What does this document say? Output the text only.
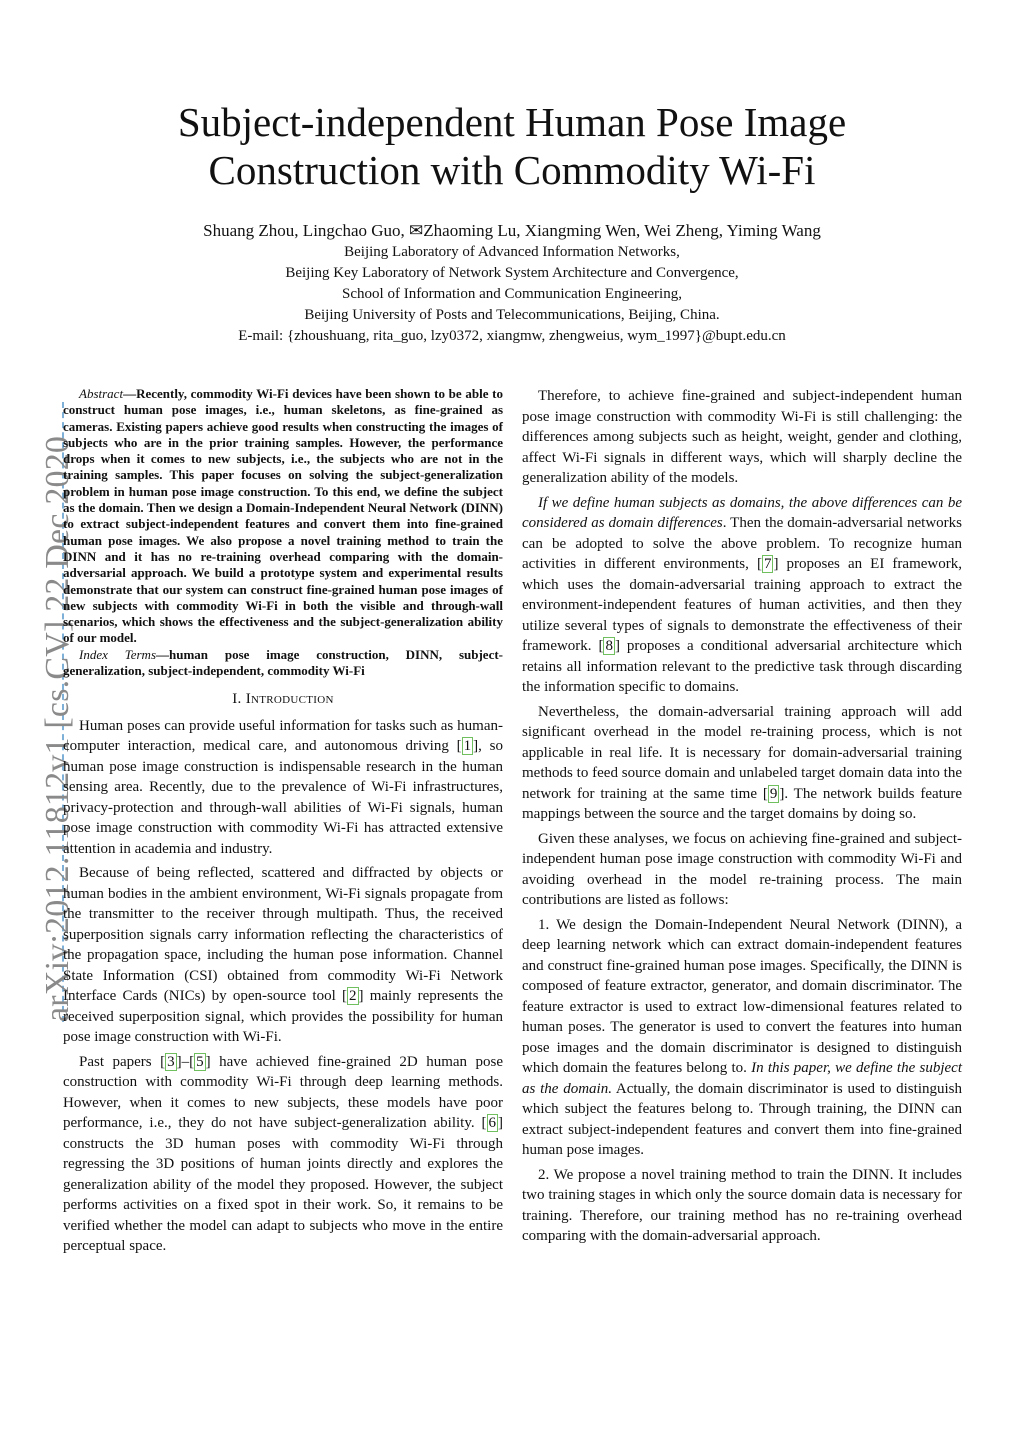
Subject-independent Human Pose Image
Construction with Commodity Wi-Fi
Shuang Zhou, Lingchao Guo, ✉Zhaoming Lu, Xiangming Wen, Wei Zheng, Yiming Wang
Beijing Laboratory of Advanced Information Networks,
Beijing Key Laboratory of Network System Architecture and Convergence,
School of Information and Communication Engineering,
Beijing University of Posts and Telecommunications, Beijing, China.
E-mail: {zhoushuang, rita_guo, lzy0372, xiangmw, zhengweius, wym_1997}@bupt.edu.cn
arXiv:2012.11812v1 [cs.CV] 22 Dec 2020

Abstract—Recently, commodity Wi-Fi devices have been shown to be able to construct human pose images, i.e., human skeletons, as fine-grained as cameras. Existing papers achieve good results when constructing the images of subjects who are in the prior training samples. However, the performance drops when it comes to new subjects, i.e., the subjects who are not in the training samples. This paper focuses on solving the subject-generalization problem in human pose image construction. To this end, we define the subject as the domain. Then we design a Domain-Independent Neural Network (DINN) to extract subject-independent features and convert them into fine-grained human pose images. We also propose a novel training method to train the DINN and it has no re-training overhead comparing with the domain-adversarial approach. We build a prototype system and experimental results demonstrate that our system can construct fine-grained human pose images of new subjects with commodity Wi-Fi in both the visible and through-wall scenarios, which shows the effectiveness and the subject-generalization ability of our model.

Index Terms—human pose image construction, DINN, subject-generalization, subject-independent, commodity Wi-Fi

I. Introduction

Human poses can provide useful information for tasks such as human-computer interaction, medical care, and autonomous driving [ 1 ], so human pose image construction is indispensable research in the human sensing area. Recently, due to the prevalence of Wi-Fi infrastructures, privacy-protection and through-wall abilities of Wi-Fi signals, human pose image construction with commodity Wi-Fi has attracted extensive attention in academia and industry.

Because of being reflected, scattered and diffracted by objects or human bodies in the ambient environment, Wi-Fi signals propagate from the transmitter to the receiver through multipath. Thus, the received superposition signals carry information reflecting the characteristics of the propagation space, including the human pose information. Channel State Information (CSI) obtained from commodity Wi-Fi Network Interface Cards (NICs) by open-source tool [ 2 ] mainly represents the received superposition signal, which provides the possibility for human pose image construction with Wi-Fi.

Past papers [ 3 ]–[ 5 ] have achieved fine-grained 2D human pose construction with commodity Wi-Fi through deep learning methods. However, when it comes to new subjects, these models have poor performance, i.e., they do not have subject-generalization ability. [ 6 ] constructs the 3D human poses with commodity Wi-Fi through regressing the 3D positions of human joints directly and explores the generalization ability of the model they proposed. However, the subject performs activities on a fixed spot in their work. So, it remains to be verified whether the model can adapt to subjects who move in the entire perceptual space.

Therefore, to achieve fine-grained and subject-independent human pose image construction with commodity Wi-Fi is still challenging: the differences among subjects such as height, weight, gender and clothing, affect Wi-Fi signals in different ways, which will sharply decline the generalization ability of the models.

If we define human subjects as domains, the above differences can be considered as domain differences. Then the domain-adversarial networks can be adopted to solve the above problem. To recognize human activities in different environments, [ 7 ] proposes an EI framework, which uses the domain-adversarial training approach to extract the environment-independent features of human activities, and then they utilize several types of signals to demonstrate the effectiveness of their framework. [ 8 ] proposes a conditional adversarial architecture which retains all information relevant to the predictive task through discarding the information specific to domains.

Nevertheless, the domain-adversarial training approach will add significant overhead in the model re-training process, which is not applicable in real life. It is necessary for domain-adversarial training methods to feed source domain and unlabeled target domain data into the network for training at the same time [ 9 ]. The network builds feature mappings between the source and the target domains by doing so.

Given these analyses, we focus on achieving fine-grained and subject-independent human pose image construction with commodity Wi-Fi and avoiding overhead in the model re-training process. The main contributions are listed as follows:

1. We design the Domain-Independent Neural Network (DINN), a deep learning network which can extract domain-independent features and construct fine-grained human pose images. Specifically, the DINN is composed of feature extractor, generator, and domain discriminator. The feature extractor is used to extract low-dimensional features related to human poses. The generator is used to convert the features into human pose images and the domain discriminator is designed to distinguish which domain the features belong to. In this paper, we define the subject as the domain. Actually, the domain discriminator is used to distinguish which subject the features belong to. Through training, the DINN can extract subject-independent features and convert them into fine-grained human pose images.

2. We propose a novel training method to train the DINN. It includes two training stages in which only the source domain data is necessary for training. Therefore, our training method has no re-training overhead comparing with the domain-adversarial approach.
